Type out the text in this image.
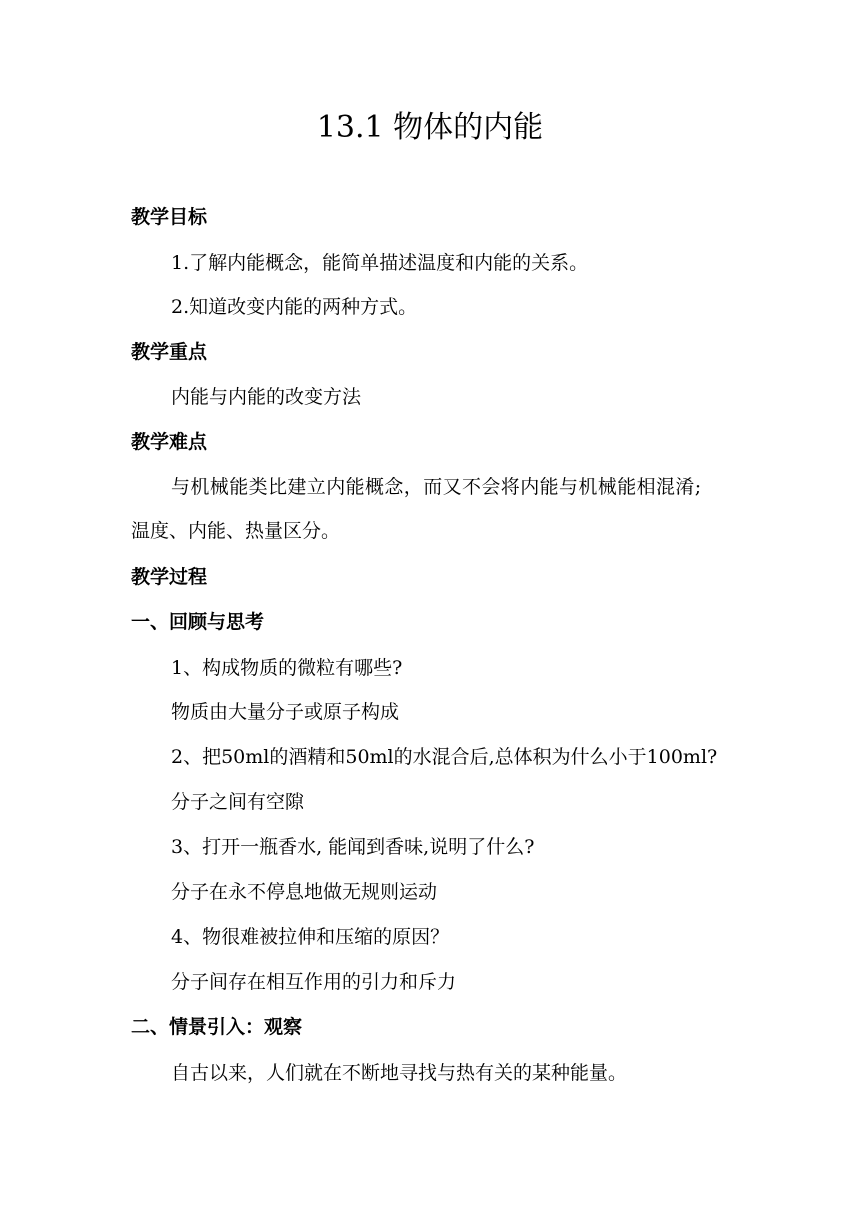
13.1 物体的内能
教学目标
1.了解内能概念，能简单描述温度和内能的关系。
2.知道改变内能的两种方式。
教学重点
内能与内能的改变方法
教学难点
与机械能类比建立内能概念，而又不会将内能与机械能相混淆;
温度、内能、热量区分。
教学过程
一、回顾与思考
1、构成物质的微粒有哪些?
物质由大量分子或原子构成
2、把50ml的酒精和50ml的水混合后,总体积为什么小于100ml?
分子之间有空隙
3、打开一瓶香水, 能闻到香味,说明了什么?
分子在永不停息地做无规则运动
4、物很难被拉伸和压缩的原因？
分子间存在相互作用的引力和斥力
二、情景引入：观察
自古以来，人们就在不断地寻找与热有关的某种能量。
